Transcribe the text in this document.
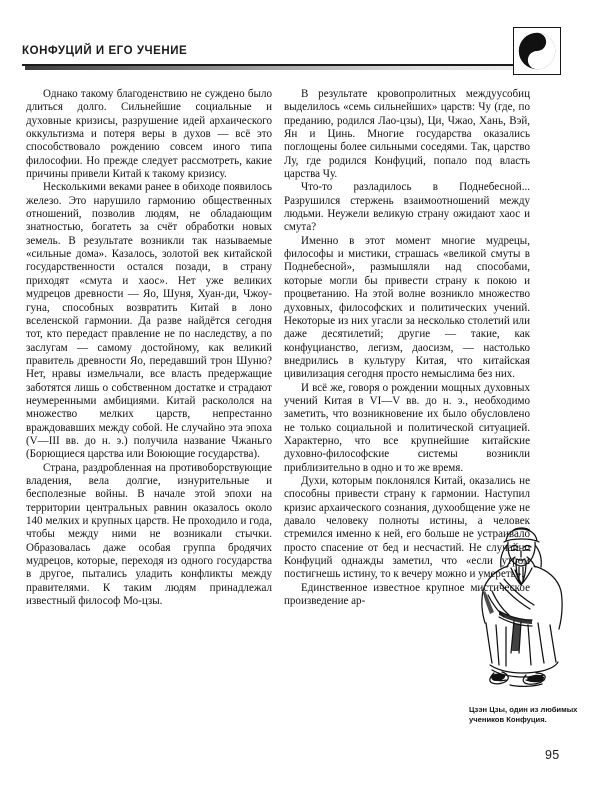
КОНФУЦИЙ И ЕГО УЧЕНИЕ

Однако такому благоденствию не суждено было длиться долго. Сильнейшие социальные и духовные кризисы, разрушение идей архаического оккультизма и потеря веры в духов — всё это способствовало рождению совсем иного типа философии. Но прежде следует рассмотреть, какие причины привели Китай к такому кризису.

Несколькими веками ранее в обиходе появилось железо. Это нарушило гармонию общественных отношений, позволив людям, не обладающим знатностью, богатеть за счёт обработки новых земель. В результате возникли так называемые «сильные дома». Казалось, золотой век китайской государственности остался позади, в страну приходят «смута и хаос». Нет уже великих мудрецов древности — Яо, Шуня, Хуан-ди, Чжоу-гуна, способных возвратить Китай в лоно вселенской гармонии. Да разве найдётся сегодня тот, кто передаст правление не по наследству, а по заслугам — самому достойному, как великий правитель древности Яо, передавший трон Шуню? Нет, нравы измельчали, все власть предержащие заботятся лишь о собственном достатке и страдают неумеренными амбициями. Китай раскололся на множество мелких царств, непрестанно враждовавших между собой. Не случайно эта эпоха (V—III вв. до н. э.) получила название Чжаньго (Борющиеся царства или Воюющие государства).

Страна, раздробленная на противоборствующие владения, вела долгие, изнурительные и бесполезные войны. В начале этой эпохи на территории центральных равнин оказалось около 140 мелких и крупных царств. Не проходило и года, чтобы между ними не возникали стычки. Образовалась даже особая группа бродячих мудрецов, которые, переходя из одного государства в другое, пытались уладить конфликты между правителями. К таким людям принадлежал известный философ Мо-цзы.

В результате кровопролитных междуусобиц выделилось «семь сильнейших» царств: Чу (где, по преданию, родился Лао-цзы), Ци, Чжао, Хань, Вэй, Ян и Цинь. Многие государства оказались поглощены более сильными соседями. Так, царство Лу, где родился Конфуций, попало под власть царства Чу.

Что-то разладилось в Поднебесной... Разрушился стержень взаимоотношений между людьми. Неужели великую страну ожидают хаос и смута?

Именно в этот момент многие мудрецы, философы и мистики, страшась «великой смуты в Поднебесной», размышляли над способами, которые могли бы привести страну к покою и процветанию. На этой волне возникло множество духовных, философских и политических учений. Некоторые из них угасли за несколько столетий или даже десятилетий; другие — такие, как конфуцианство, легизм, даосизм, — настолько внедрились в культуру Китая, что китайская цивилизация сегодня просто немыслима без них.

И всё же, говоря о рождении мощных духовных учений Китая в VI—V вв. до н. э., необходимо заметить, что возникновение их было обусловлено не только социальной и политической ситуацией. Характерно, что все крупнейшие китайские духовно-философские системы возникли приблизительно в одно и то же время.

Духи, которым поклонялся Китай, оказались не способны привести страну к гармонии. Наступил кризис архаического сознания, духообщение уже не давало человеку полноты истины, а человек стремился именно к ней, его больше не устраивало просто спасение от бед и несчастий. Не случайно Конфуций однажды заметил, что «если утром постигнешь истину, то к вечеру можно и умереть».

Единственное известное крупное мистическое произведение ар-

Цзэн Цзы, один из любимых учеников Конфуция.
95
